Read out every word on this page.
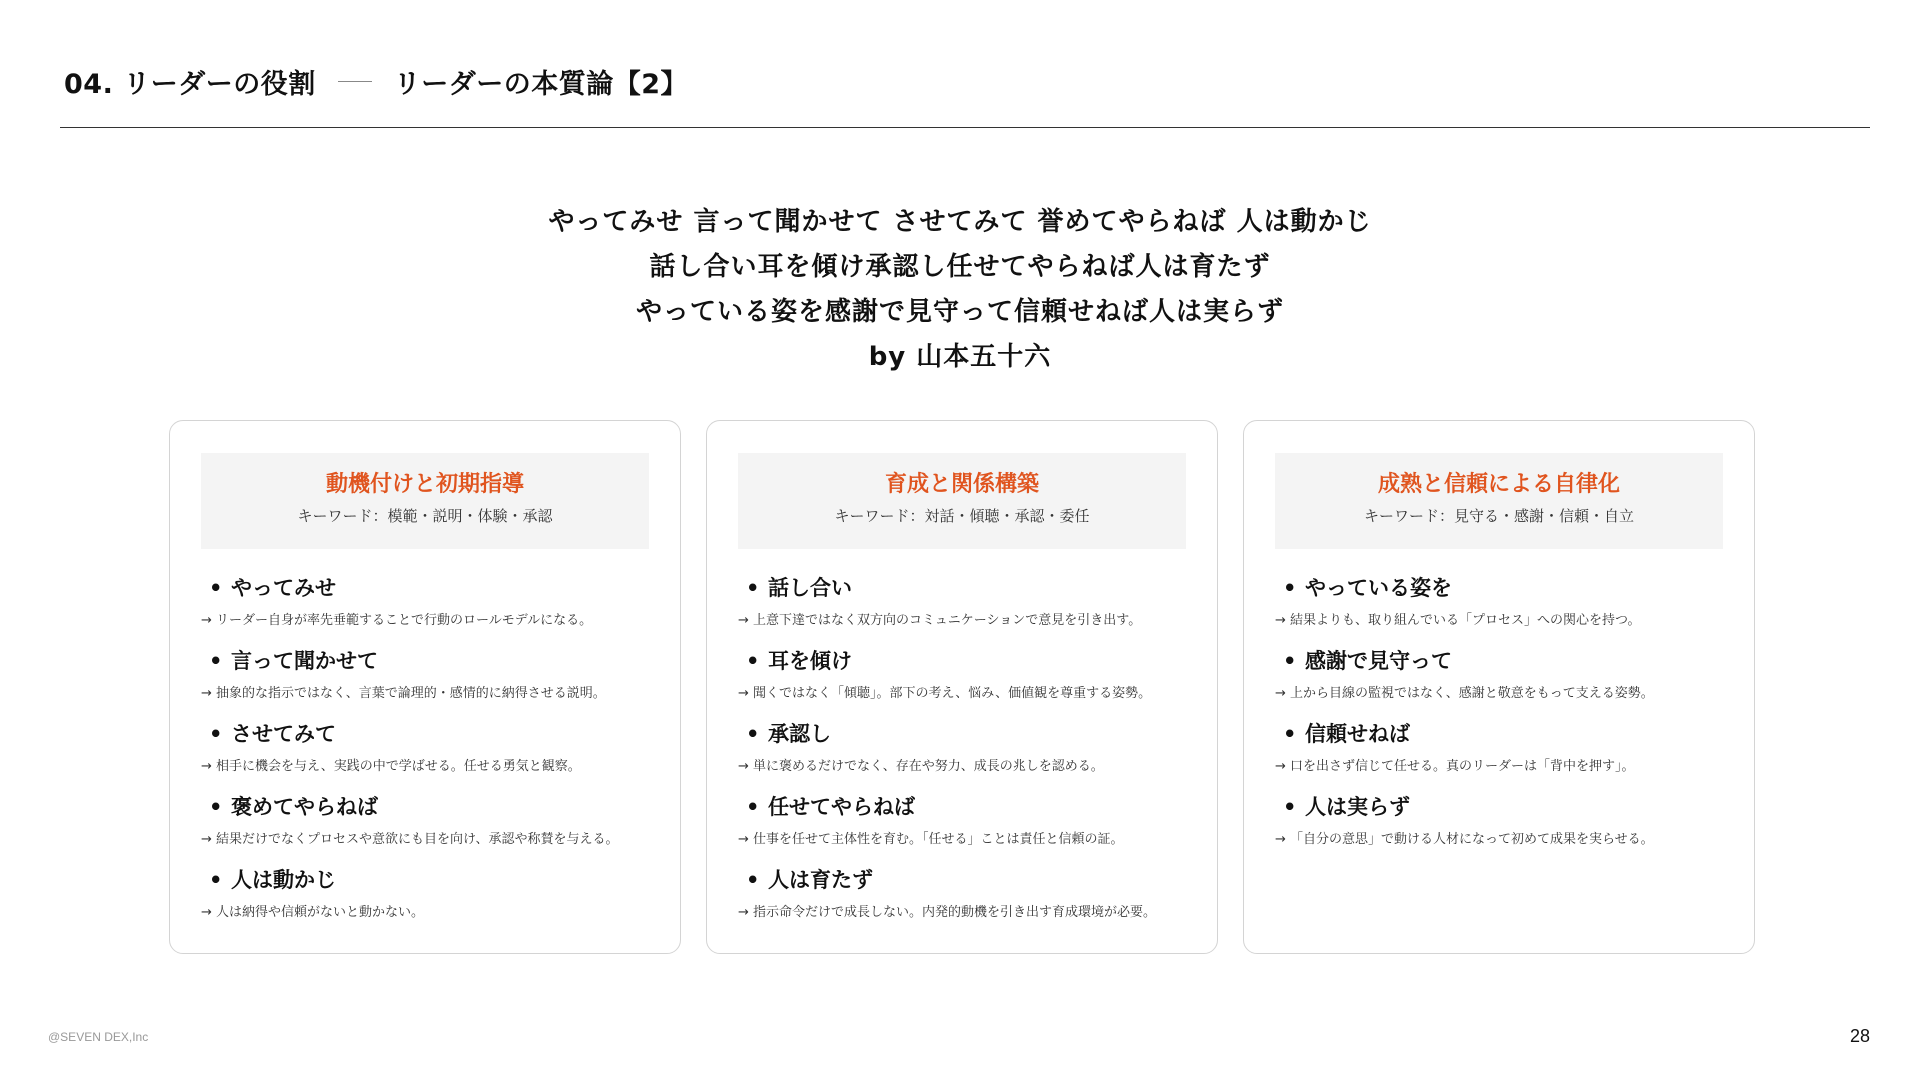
04. リーダーの役割	リーダーの本質論【2】
やってみせ 言って聞かせて させてみて 誉めてやらねば 人は動かじ
話し合い耳を傾け承認し任せてやらねば人は育たず
やっている姿を感謝で見守って信頼せねば人は実らず
by 山本五十六
動機付けと初期指導
キーワード：模範・説明・体験・承認
• やってみせ
→ リーダー自身が率先垂範することで行動のロールモデルになる。
• 言って聞かせて
→ 抽象的な指示ではなく、言葉で論理的・感情的に納得させる説明。
• させてみて
→ 相手に機会を与え、実践の中で学ばせる。任せる勇気と観察。
• 褒めてやらねば
→ 結果だけでなくプロセスや意欲にも目を向け、承認や称賛を与える。
• 人は動かじ
→ 人は納得や信頼がないと動かない。
育成と関係構築
キーワード：対話・傾聴・承認・委任
• 話し合い
→ 上意下達ではなく双方向のコミュニケーションで意見を引き出す。
• 耳を傾け
→ 聞くではなく「傾聴」。部下の考え、悩み、価値観を尊重する姿勢。
• 承認し
→ 単に褒めるだけでなく、存在や努力、成長の兆しを認める。
• 任せてやらねば
→ 仕事を任せて主体性を育む。「任せる」ことは責任と信頼の証。
• 人は育たず
→ 指示命令だけで成長しない。内発的動機を引き出す育成環境が必要。
成熟と信頼による自律化
キーワード：見守る・感謝・信頼・自立
• やっている姿を
→ 結果よりも、取り組んでいる「プロセス」への関心を持つ。
• 感謝で見守って
→ 上から目線の監視ではなく、感謝と敬意をもって支える姿勢。
• 信頼せねば
→ 口を出さず信じて任せる。真のリーダーは「背中を押す」。
• 人は実らず
→ 「自分の意思」で動ける人材になって初めて成果を実らせる。
@SEVEN DEX,Inc	28
